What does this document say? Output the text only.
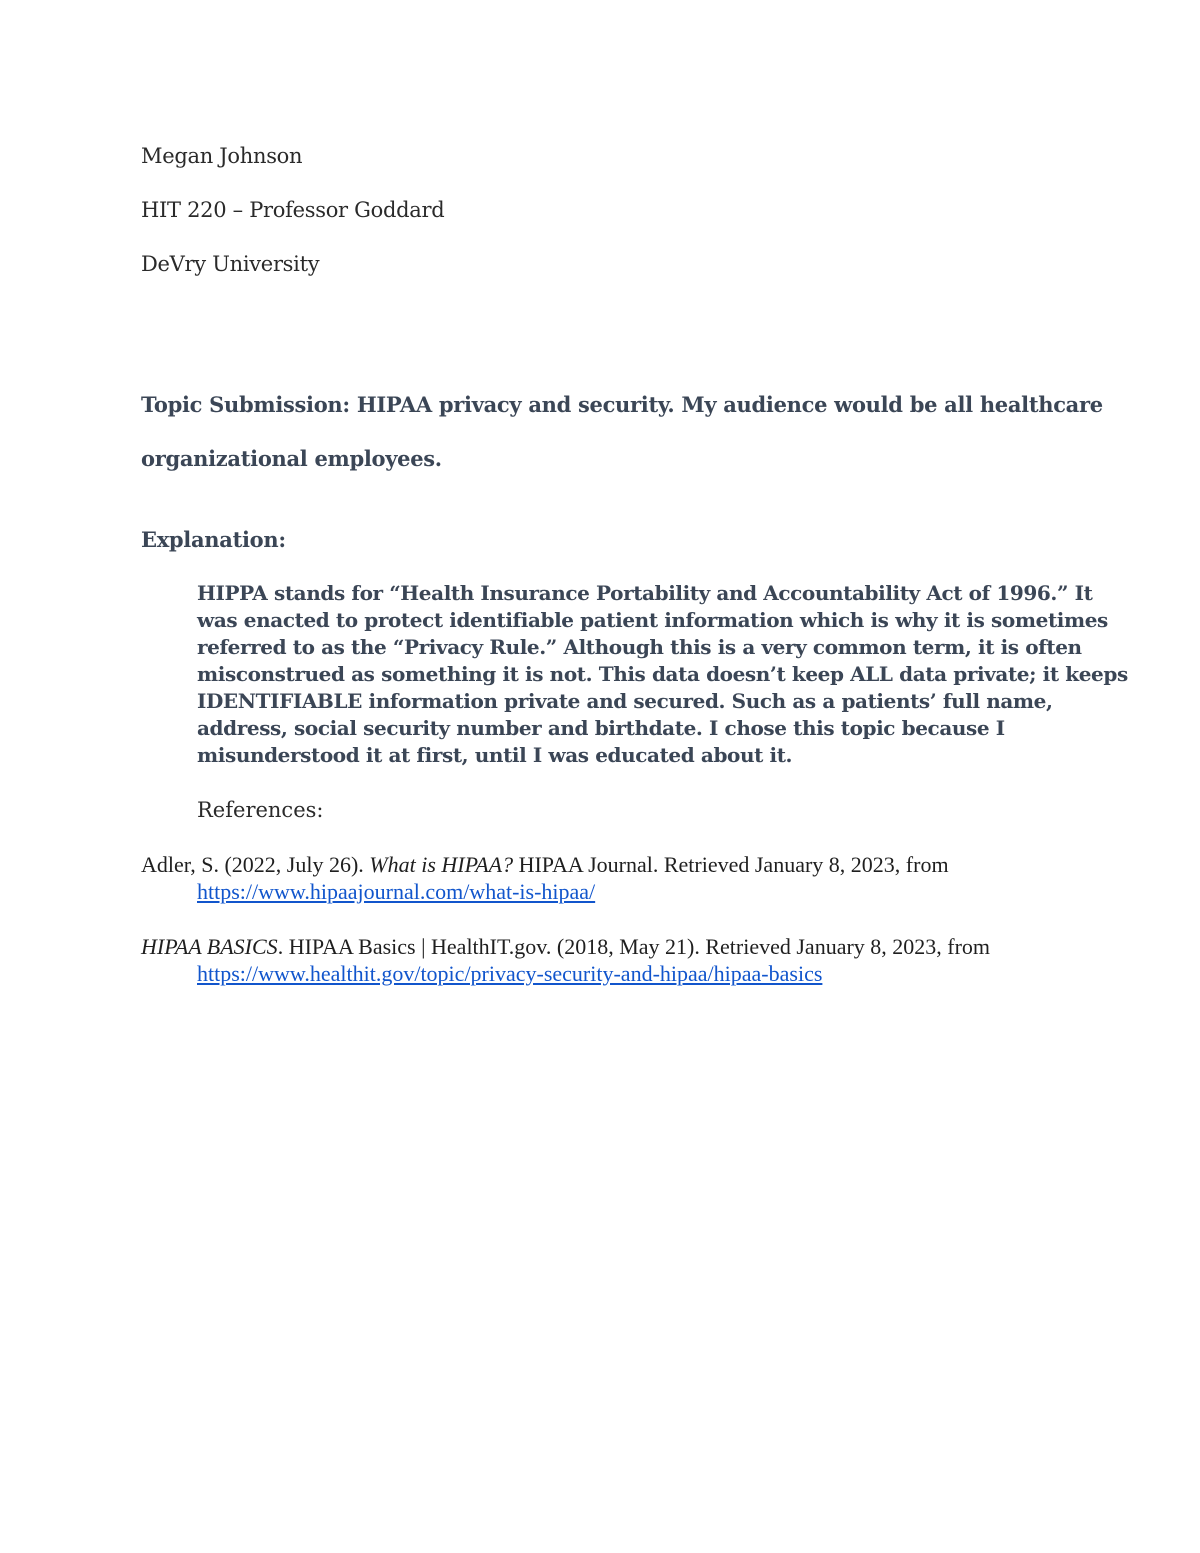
Megan Johnson
HIT 220 – Professor Goddard
DeVry University
Topic Submission: HIPAA privacy and security. My audience would be all healthcare
organizational employees.
Explanation:
HIPPA stands for “Health Insurance Portability and Accountability Act of 1996.” It
was enacted to protect identifiable patient information which is why it is sometimes
referred to as the “Privacy Rule.” Although this is a very common term, it is often
misconstrued as something it is not. This data doesn’t keep ALL data private; it keeps
IDENTIFIABLE information private and secured. Such as a patients’ full name,
address, social security number and birthdate. I chose this topic because I
misunderstood it at first, until I was educated about it.
References:
Adler, S. (2022, July 26). What is HIPAA? HIPAA Journal. Retrieved January 8, 2023, from
https://www.hipaajournal.com/what-is-hipaa/
HIPAA BASICS. HIPAA Basics | HealthIT.gov. (2018, May 21). Retrieved January 8, 2023, from
https://www.healthit.gov/topic/privacy-security-and-hipaa/hipaa-basics
